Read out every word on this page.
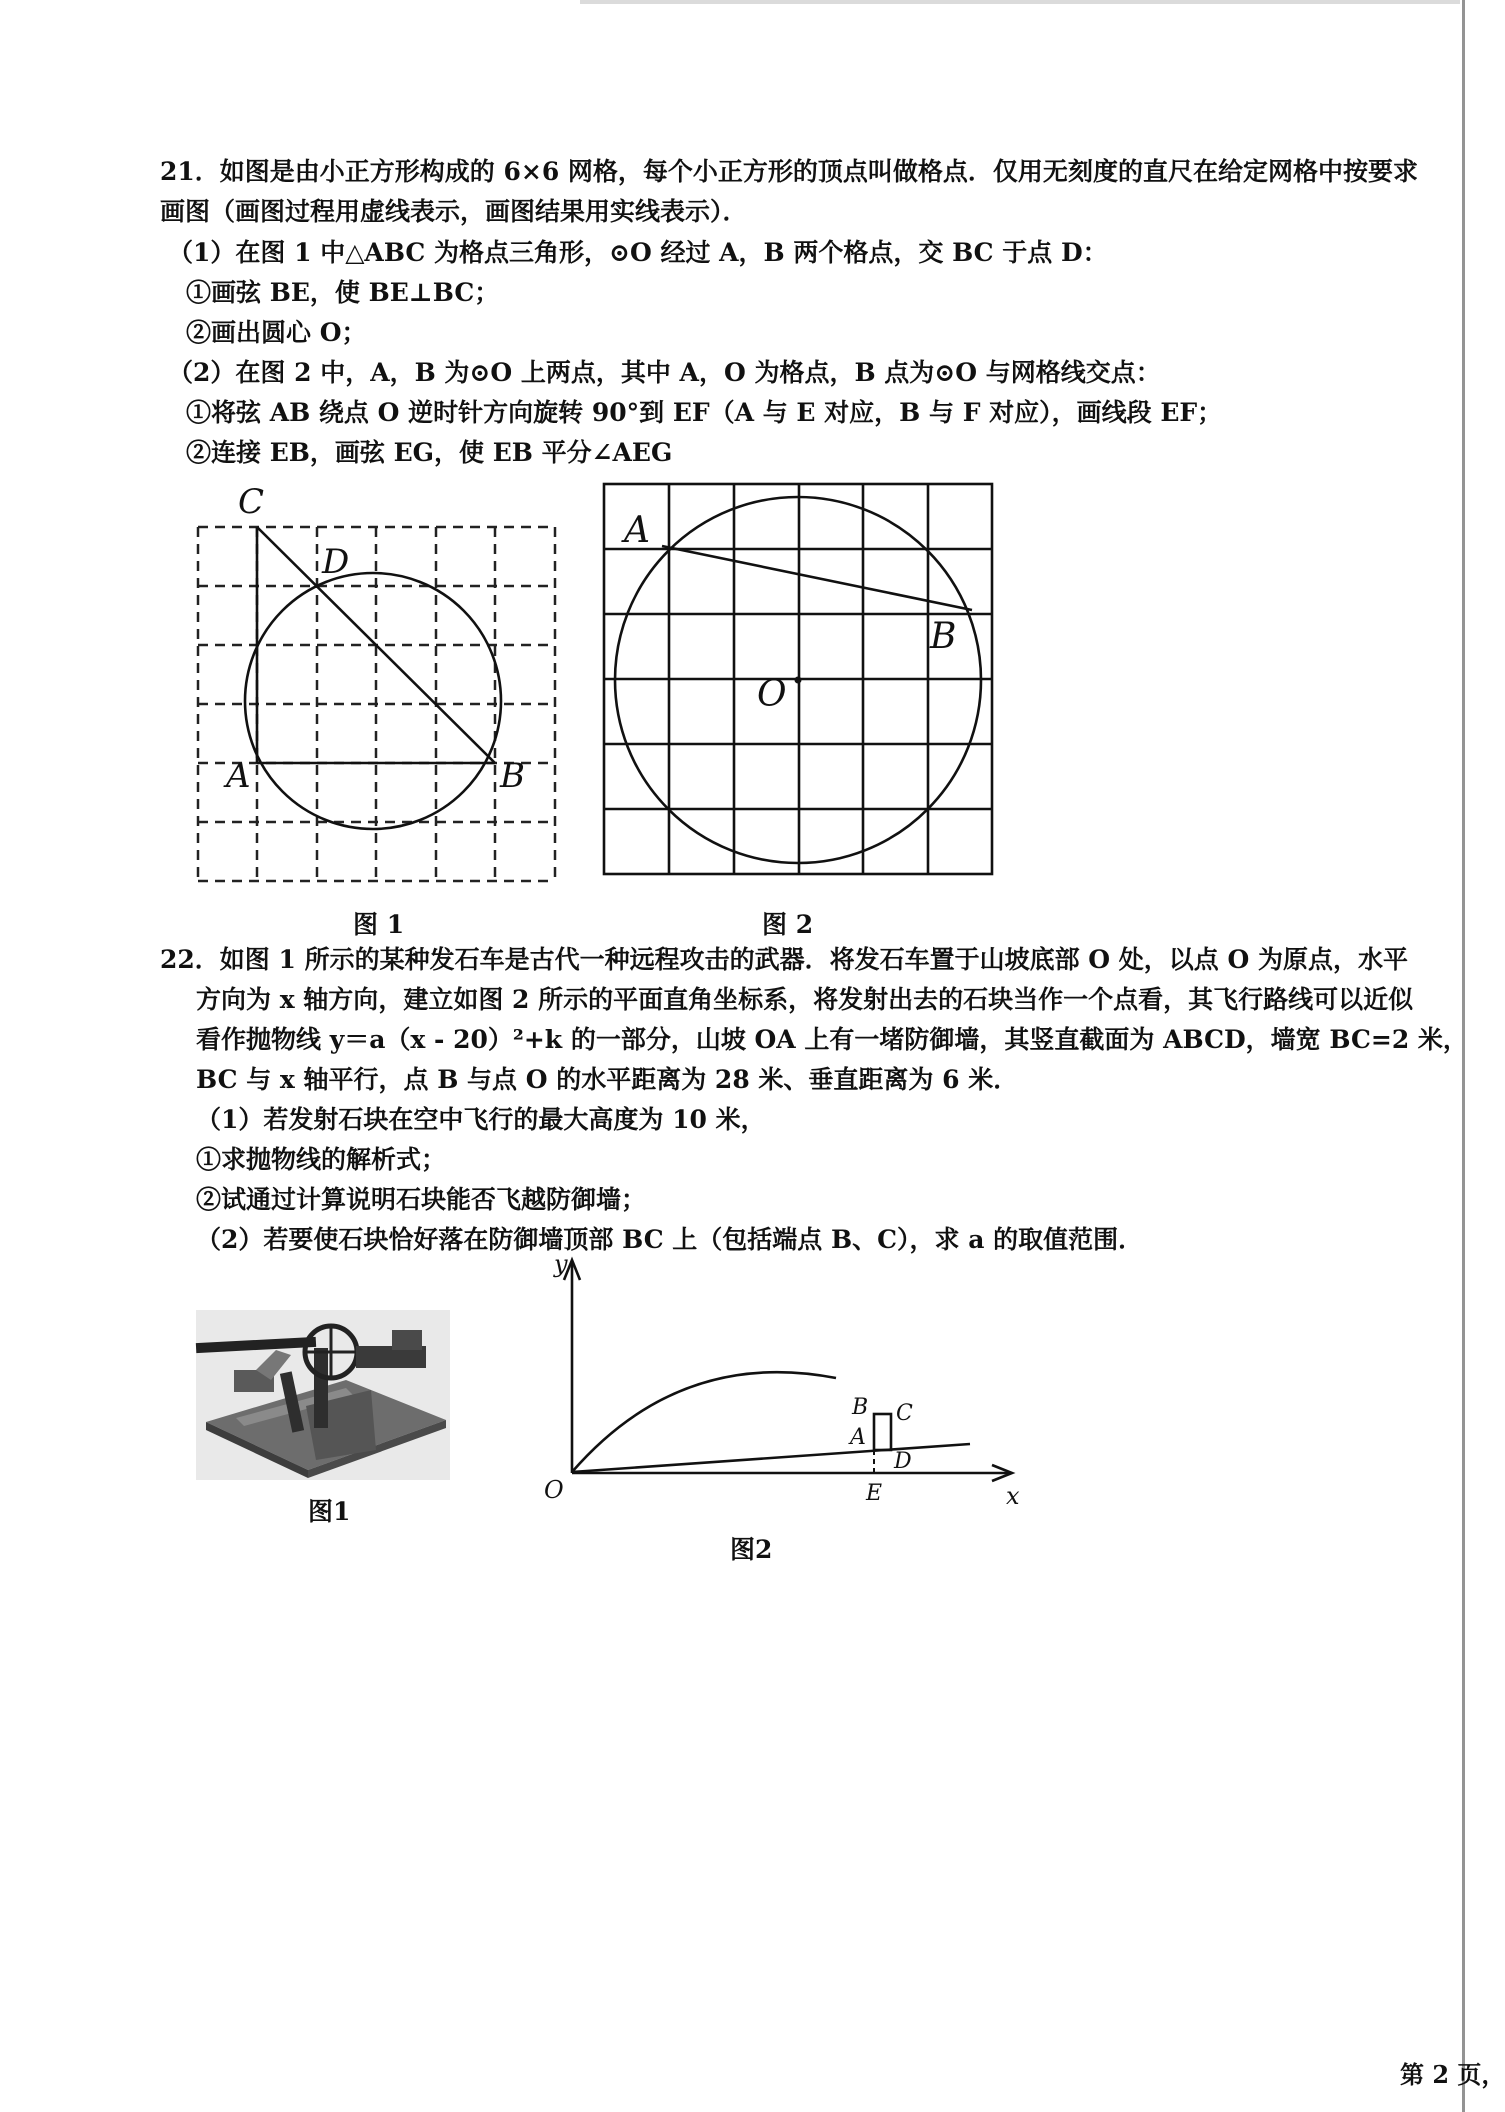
21．如图是由小正方形构成的 6×6 网格，每个小正方形的顶点叫做格点．仅用无刻度的直尺在给定网格中按要求
画图（画图过程用虚线表示，画图结果用实线表示）．
（1）在图 1 中△ABC 为格点三角形，⊙O 经过 A，B 两个格点，交 BC 于点 D：
①画弦 BE，使 BE⊥BC；
②画出圆心 O；
（2）在图 2 中，A，B 为⊙O 上两点，其中 A，O 为格点，B 点为⊙O 与网格线交点：
①将弦 AB 绕点 O 逆时针方向旋转 90°到 EF（A 与 E 对应，B 与 F 对应），画线段 EF；
②连接 EB，画弦 EG，使 EB 平分∠AEG
C
D
A	B
图 1
A
B
O
图 2
22．如图 1 所示的某种发石车是古代一种远程攻击的武器．将发石车置于山坡底部 O 处，以点 O 为原点，水平
方向为 x 轴方向，建立如图 2 所示的平面直角坐标系，将发射出去的石块当作一个点看，其飞行路线可以近似
看作抛物线 y＝a（x - 20）²+k 的一部分，山坡 OA 上有一堵防御墙，其竖直截面为 ABCD，墙宽 BC=2 米，
BC 与 x 轴平行，点 B 与点 O 的水平距离为 28 米、垂直距离为 6 米．
（1）若发射石块在空中飞行的最大高度为 10 米，
①求抛物线的解析式；
②试通过计算说明石块能否飞越防御墙；
（2）若要使石块恰好落在防御墙顶部 BC 上（包括端点 B、C），求 a 的取值范围．
图1
y
x
O
B C
A
D
E
图2
第 2 页，
